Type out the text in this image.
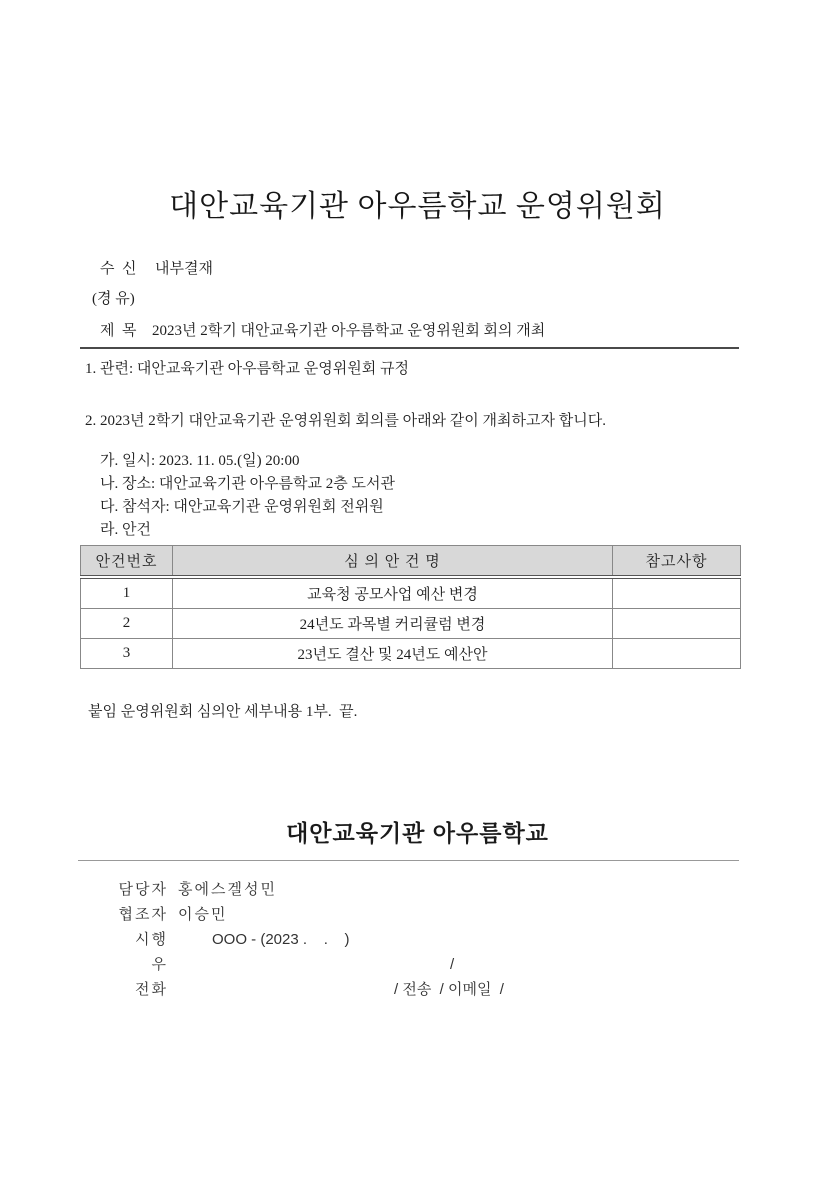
대안교육기관 아우름학교 운영위원회
수  신 내부결재
(경 유)
제  목 2023년 2학기 대안교육기관 아우름학교 운영위원회 회의 개최
1. 관련: 대안교육기관 아우름학교 운영위원회 규정
2. 2023년 2학기 대안교육기관 운영위원회 회의를 아래와 같이 개최하고자 합니다.
가. 일시: 2023. 11. 05.(일) 20:00
나. 장소: 대안교육기관 아우름학교 2층 도서관
다. 참석자: 대안교육기관 운영위원회 전위원
라. 안건
안건번호	심 의 안 건 명	참고사항
1	교육청 공모사업 예산 변경	
2	24년도 과목별 커리큘럼 변경	
3	23년도 결산 및 24년도 예산안	
붙임 운영위원회 심의안 세부내용 1부.  끝.
대안교육기관 아우름학교
담당자 홍에스겔성민
협조자 이승민
시행	OOO - (2023 .    .    )
우	/
전화	/ 전송  / 이메일  /
